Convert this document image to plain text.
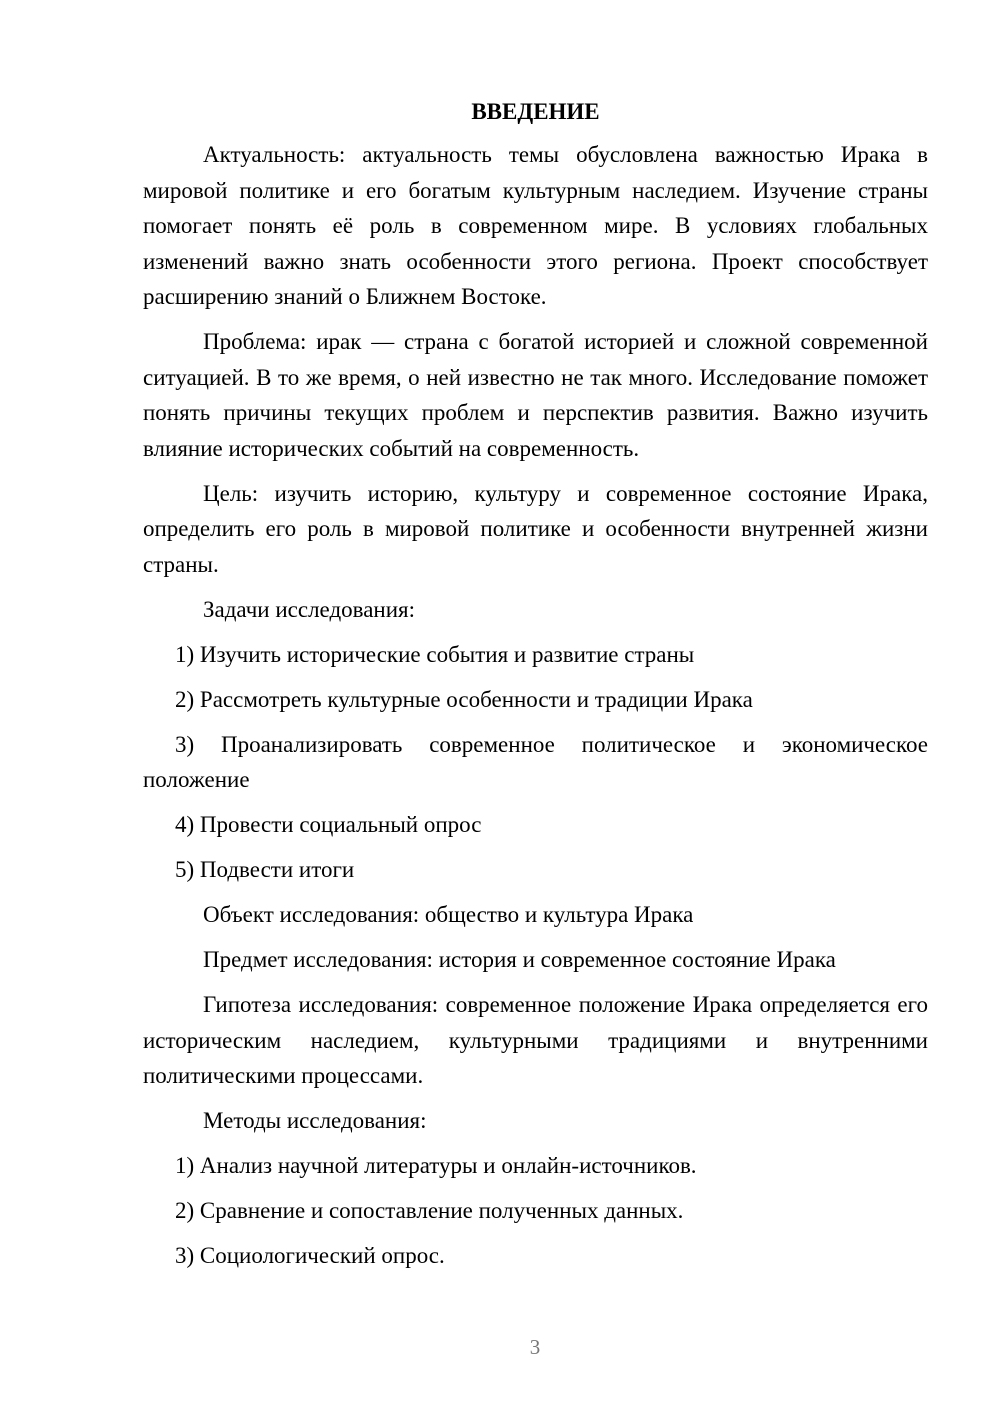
ВВЕДЕНИЕ

Актуальность: актуальность темы обусловлена важностью Ирака в мировой политике и его богатым культурным наследием. Изучение страны помогает понять её роль в современном мире. В условиях глобальных изменений важно знать особенности этого региона. Проект способствует расширению знаний о Ближнем Востоке.

Проблема: ирак — страна с богатой историей и сложной современной ситуацией. В то же время, о ней известно не так много. Исследование поможет понять причины текущих проблем и перспектив развития. Важно изучить влияние исторических событий на современность.

Цель: изучить историю, культуру и современное состояние Ирака, определить его роль в мировой политике и особенности внутренней жизни страны.

Задачи исследования:
1) Изучить исторические события и развитие страны
2) Рассмотреть культурные особенности и традиции Ирака
3) Проанализировать современное политическое и экономическое положение
4) Провести социальный опрос
5) Подвести итоги
Объект исследования: общество и культура Ирака
Предмет исследования: история и современное состояние Ирака

Гипотеза исследования: современное положение Ирака определяется его историческим наследием, культурными традициями и внутренними политическими процессами.

Методы исследования:
1) Анализ научной литературы и онлайн-источников.
2) Сравнение и сопоставление полученных данных.
3) Социологический опрос.
3
